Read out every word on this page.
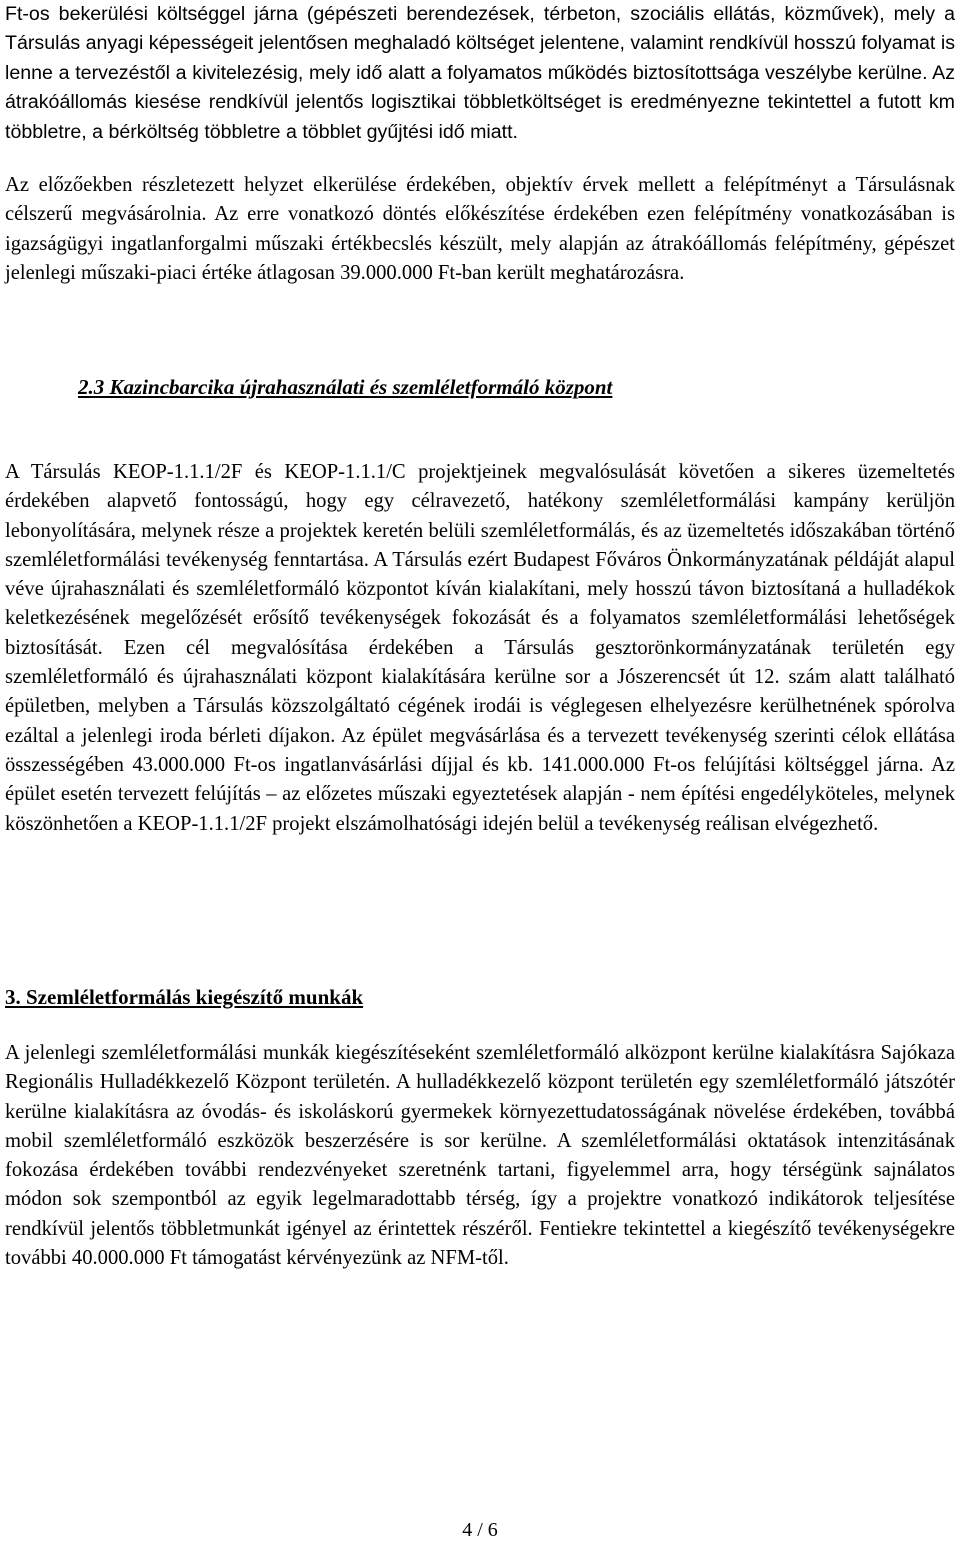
Ft-os bekerülési költséggel járna (gépészeti berendezések, térbeton, szociális ellátás, közművek), mely a Társulás anyagi képességeit jelentősen meghaladó költséget jelentene, valamint rendkívül hosszú folyamat is lenne a tervezéstől a kivitelezésig, mely idő alatt a folyamatos működés biztosítottsága veszélybe kerülne. Az átrakóállomás kiesése rendkívül jelentős logisztikai többletköltséget is eredményezne tekintettel a futott km többletre, a bérköltség többletre a többlet gyűjtési idő miatt.

Az előzőekben részletezett helyzet elkerülése érdekében, objektív érvek mellett a felépítményt a Társulásnak célszerű megvásárolnia. Az erre vonatkozó döntés előkészítése érdekében ezen felépítmény vonatkozásában is igazságügyi ingatlanforgalmi műszaki értékbecslés készült, mely alapján az átrakóállomás felépítmény, gépészet jelenlegi műszaki-piaci értéke átlagosan 39.000.000 Ft-ban került meghatározásra.

2.3 Kazincbarcika újrahasználati és szemléletformáló központ

A Társulás KEOP-1.1.1/2F és KEOP-1.1.1/C projektjeinek megvalósulását követően a sikeres üzemeltetés érdekében alapvető fontosságú, hogy egy célravezető, hatékony szemléletformálási kampány kerüljön lebonyolítására, melynek része a projektek keretén belüli szemléletformálás, és az üzemeltetés időszakában történő szemléletformálási tevékenység fenntartása. A Társulás ezért Budapest Főváros Önkormányzatának példáját alapul véve újrahasználati és szemléletformáló központot kíván kialakítani, mely hosszú távon biztosítaná a hulladékok keletkezésének megelőzését erősítő tevékenységek fokozását és a folyamatos szemléletformálási lehetőségek biztosítását. Ezen cél megvalósítása érdekében a Társulás gesztorönkormányzatának területén egy szemléletformáló és újrahasználati központ kialakítására kerülne sor a Jószerencsét út 12. szám alatt található épületben, melyben a Társulás közszolgáltató cégének irodái is véglegesen elhelyezésre kerülhetnének spórolva ezáltal a jelenlegi iroda bérleti díjakon. Az épület megvásárlása és a tervezett tevékenység szerinti célok ellátása összességében 43.000.000 Ft-os ingatlanvásárlási díjjal és kb. 141.000.000 Ft-os felújítási költséggel járna. Az épület esetén tervezett felújítás – az előzetes műszaki egyeztetések alapján - nem építési engedélyköteles, melynek köszönhetően a KEOP-1.1.1/2F projekt elszámolhatósági idején belül a tevékenység reálisan elvégezhető.

3. Szemléletformálás kiegészítő munkák

A jelenlegi szemléletformálási munkák kiegészítéseként szemléletformáló alközpont kerülne kialakításra Sajókaza Regionális Hulladékkezelő Központ területén. A hulladékkezelő központ területén egy szemléletformáló játszótér kerülne kialakításra az óvodás- és iskoláskorú gyermekek környezettudatosságának növelése érdekében, továbbá mobil szemléletformáló eszközök beszerzésére is sor kerülne. A szemléletformálási oktatások intenzitásának fokozása érdekében további rendezvényeket szeretnénk tartani, figyelemmel arra, hogy térségünk sajnálatos módon sok szempontból az egyik legelmaradottabb térség, így a projektre vonatkozó indikátorok teljesítése rendkívül jelentős többletmunkát igényel az érintettek részéről. Fentiekre tekintettel a kiegészítő tevékenységekre további 40.000.000 Ft támogatást kérvényezünk az NFM-től.

4 / 6
